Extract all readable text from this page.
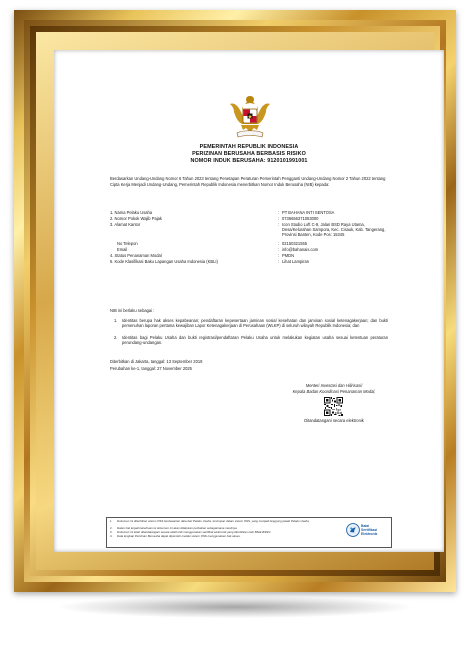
PEMERINTAH REPUBLIK INDONESIA
PERIZINAN BERUSAHA BERBASIS RISIKO
NOMOR INDUK BERUSAHA: 9120101991001
Berdasarkan Undang-Undang Nomor 6 Tahun 2023 tentang Penetapan Peraturan Pemerintah Pengganti Undang-Undang Nomor 2 Tahun 2022 tentang Cipta Kerja Menjadi Undang-Undang, Pemerintah Republik Indonesia menerbitkan Nomor Induk Berusaha (NIB) kepada:
1. Nama Pelaku Usaha	: PT BAHANA INTI SENTOSA
2. Nomor Pokok Wajib Pajak	: 0736656371053000
3. Alamat Kantor	: Icon Studio Loft C-9, Jalan BSD Raya Utama, Desa/Kelurahan Sampora, Kec. Cisauk, Kab. Tangerang, Provinsi Banten, Kode Pos: 15345
No Telepon	: 02150321555
Email	: info@bahanais.com
4. Status Penanaman Modal	: PMDN
5. Kode Klasifikasi Baku Lapangan Usaha Indonesia (KBLI)	: Lihat Lampiran
NIB ini berlaku sebagai :
1. Identitas berupa hak akses kepabeanan; pendaftaran kepesertaan jaminan sosial kesehatan dan jaminan sosial ketenagakerjaan; dan bukti pemenuhan laporan pertama kewajiban Lapor Ketenagakerjaan di Perusahaan (WLKP) di seluruh wilayah Republik Indonesia; dan
2. Identitas bagi Pelaku Usaha dan bukti registrasi/pendaftaran Pelaku Usaha untuk melakukan kegiatan usaha sesuai ketentuan peraturan perundang-undangan.
Diterbitkan di Jakarta, tanggal: 13 September 2019
Perubahan ke-1, tanggal: 27 November 2025
Menteri Investasi dan Hilirisasi/
Kepala Badan Koordinasi Penanaman Modal,
Ditandatangani secara elektronik
1. Dokumen ini diterbitkan sistem OSS berdasarkan data dari Pelaku Usaha, tersimpan dalam sistem OSS, yang menjadi tanggung jawab Pelaku Usaha.
2. Dalam hal terjadi kekeliruan isi dokumen ini akan dilakukan perbaikan sebagaimana mestinya.
3. Dokumen ini telah ditandatangani secara elektronik menggunakan sertifikat elektronik yang diterbitkan oleh BSrE-BSSN.
4. Data lengkap Perizinan Berusaha dapat diperoleh melalui sistem OSS menggunakan hak akses.
Balai
Sertifikasi
Elektronik
